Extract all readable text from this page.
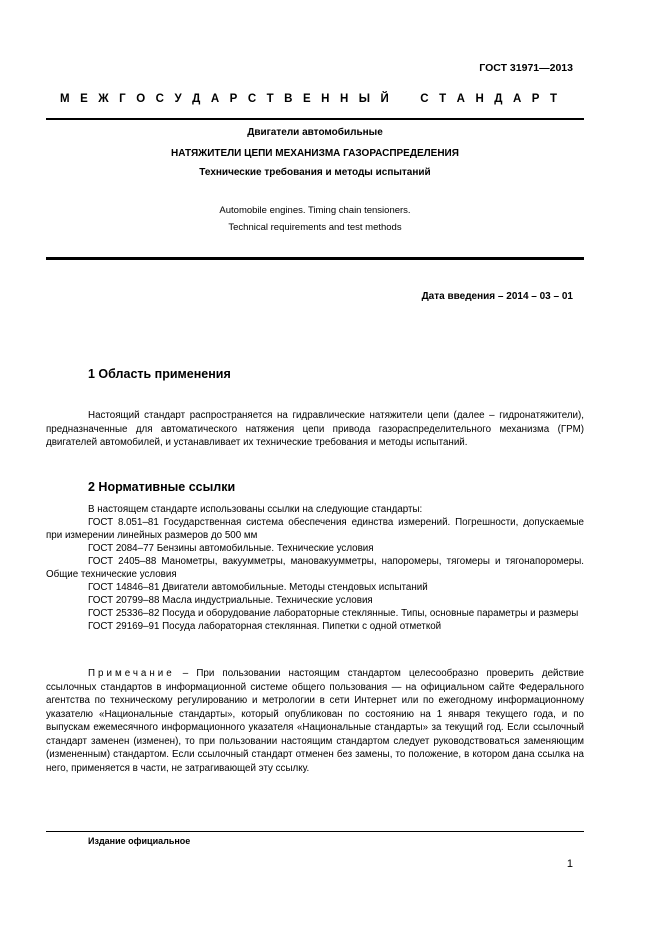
ГОСТ 31971—2013
М Е Ж Г О С У Д А Р С Т В Е Н Н Ы Й	С Т А Н Д А Р Т
Двигатели автомобильные
НАТЯЖИТЕЛИ ЦЕПИ МЕХАНИЗМА ГАЗОРАСПРЕДЕЛЕНИЯ
Технические требования и методы испытаний
Automobile engines. Timing chain tensioners.
Technical requirements and test methods
Дата введения – 2014 – 03 – 01
1 Область применения
Настоящий стандарт распространяется на гидравлические натяжители цепи (далее – гидронатяжители), предназначенные для автоматического натяжения цепи привода газораспределительного механизма (ГРМ) двигателей автомобилей, и устанавливает их технические требования и методы испытаний.
2 Нормативные ссылки
В настоящем стандарте использованы ссылки на следующие стандарты:
ГОСТ 8.051–81 Государственная система обеспечения единства измерений. Погрешности, допускаемые при измерении линейных размеров до 500 мм
ГОСТ 2084–77 Бензины автомобильные. Технические условия
ГОСТ 2405–88 Манометры, вакуумметры, мановакуумметры, напоромеры, тягомеры и тягонапоромеры. Общие технические условия
ГОСТ 14846–81 Двигатели автомобильные. Методы стендовых испытаний
ГОСТ 20799–88 Масла индустриальные. Технические условия
ГОСТ 25336–82 Посуда и оборудование лабораторные стеклянные. Типы, основные параметры и размеры
ГОСТ 29169–91 Посуда лабораторная стеклянная. Пипетки с одной отметкой
Примечание – При пользовании настоящим стандартом целесообразно проверить действие ссылочных стандартов в информационной системе общего пользования — на официальном сайте Федерального агентства по техническому регулированию и метрологии в сети Интернет или по ежегодному информационному указателю «Национальные стандарты», который опубликован по состоянию на 1 января текущего года, и по выпускам ежемесячного информационного указателя «Национальные стандарты» за текущий год. Если ссылочный стандарт заменен (изменен), то при пользовании настоящим стандартом следует руководствоваться заменяющим (измененным) стандартом. Если ссылочный стандарт отменен без замены, то положение, в котором дана ссылка на него, применяется в части, не затрагивающей эту ссылку.
Издание официальное
1
